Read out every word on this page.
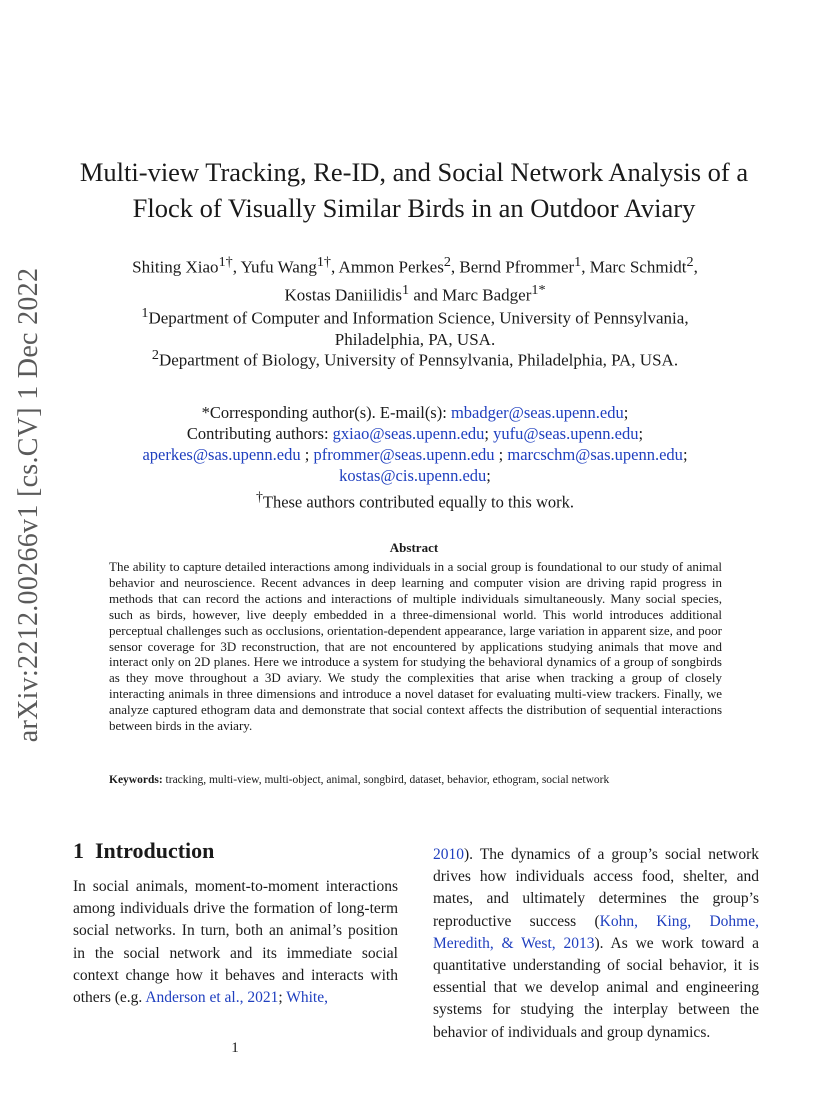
arXiv:2212.00266v1 [cs.CV] 1 Dec 2022
Multi-view Tracking, Re-ID, and Social Network Analysis of a
Flock of Visually Similar Birds in an Outdoor Aviary
Shiting Xiao$^{1\dagger}$, Yufu Wang$^{1\dagger}$, Ammon Perkes$^2$, Bernd Pfrommer$^1$, Marc Schmidt$^2$, Kostas Daniilidis$^1$ and Marc Badger$^{1*}$
$^1$Department of Computer and Information Science, University of Pennsylvania,
Philadelphia, PA, USA.
$^2$Department of Biology, University of Pennsylvania, Philadelphia, PA, USA.
*Corresponding author(s). E-mail(s): mbadger@seas.upenn.edu;
Contributing authors: gxiao@seas.upenn.edu; yufu@seas.upenn.edu;
aperkes@sas.upenn.edu ; pfrommer@seas.upenn.edu ; marcschm@sas.upenn.edu;
kostas@cis.upenn.edu;
†These authors contributed equally to this work.
Abstract
The ability to capture detailed interactions among individuals in a social group is foundational to our study of animal behavior and neuroscience. Recent advances in deep learning and computer vision are driving rapid progress in methods that can record the actions and interactions of multiple individuals simultaneously. Many social species, such as birds, however, live deeply embedded in a three-dimensional world. This world introduces additional perceptual challenges such as occlusions, orientation-dependent appearance, large variation in apparent size, and poor sensor coverage for 3D reconstruction, that are not encountered by applications studying animals that move and interact only on 2D planes. Here we introduce a system for studying the behavioral dynamics of a group of songbirds as they move throughout a 3D aviary. We study the complexities that arise when tracking a group of closely interacting animals in three dimensions and introduce a novel dataset for evaluating multi-view trackers. Finally, we analyze captured ethogram data and demonstrate that social context affects the distribution of sequential interactions between birds in the aviary.
Keywords: tracking, multi-view, multi-object, animal, songbird, dataset, behavior, ethogram, social network
1 Introduction
In social animals, moment-to-moment interactions among individuals drive the formation of long-term social networks. In turn, both an animal’s position in the social network and its immediate social context change how it behaves and interacts with others (e.g. Anderson et al., 2021; White,
2010). The dynamics of a group’s social network drives how individuals access food, shelter, and mates, and ultimately determines the group’s reproductive success (Kohn, King, Dohme, Meredith, & West, 2013). As we work toward a quantitative understanding of social behavior, it is essential that we develop animal and engineering systems for studying the interplay between the behavior of individuals and group dynamics.
1
